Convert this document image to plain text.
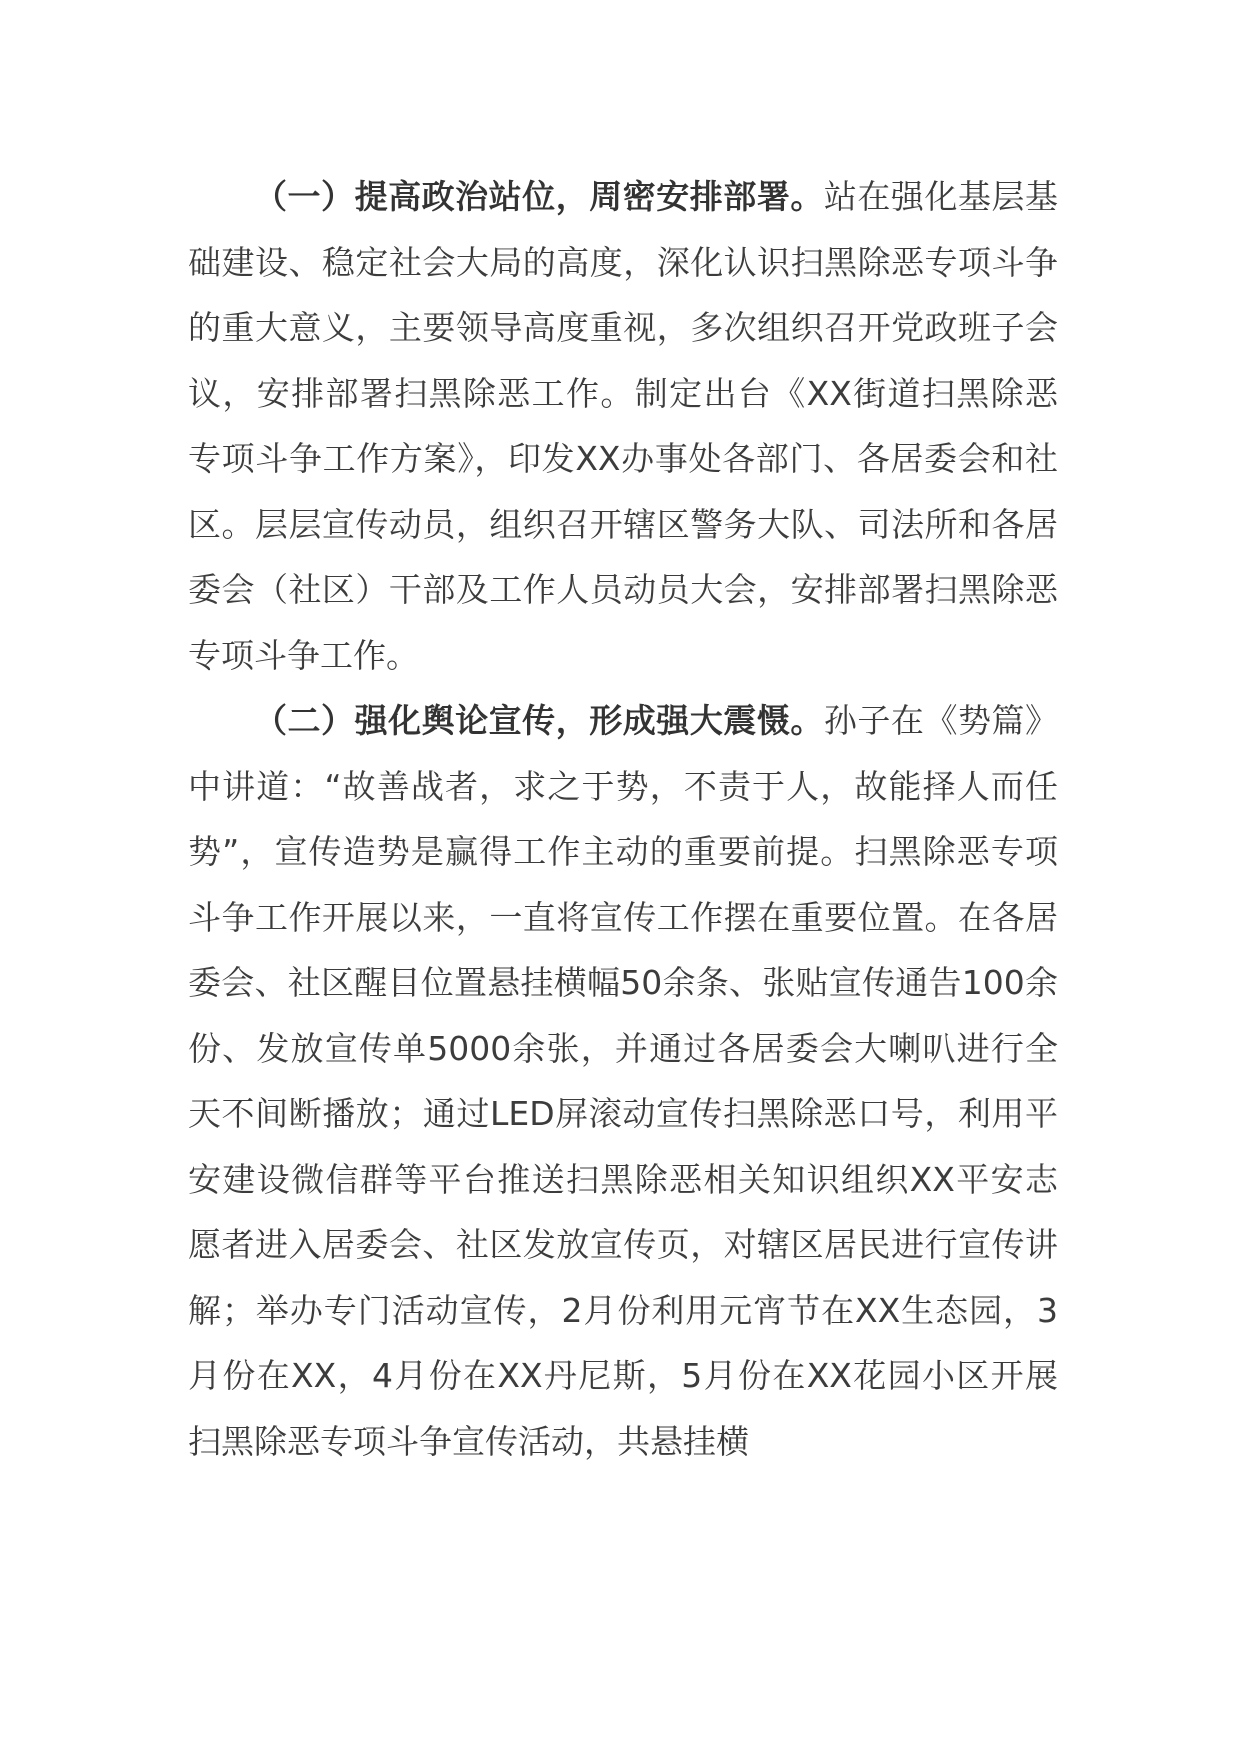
（一）提高政治站位，周密安排部署。站在强化基层基础建设、稳定社会大局的高度，深化认识扫黑除恶专项斗争的重大意义，主要领导高度重视，多次组织召开党政班子会议，安排部署扫黑除恶工作。制定出台《XX街道扫黑除恶专项斗争工作方案》，印发XX办事处各部门、各居委会和社区。层层宣传动员，组织召开辖区警务大队、司法所和各居委会（社区）干部及工作人员动员大会，安排部署扫黑除恶专项斗争工作。

（二）强化舆论宣传，形成强大震慑。孙子在《势篇》中讲道：“故善战者，求之于势，不责于人，故能择人而任势”，宣传造势是赢得工作主动的重要前提。扫黑除恶专项斗争工作开展以来，一直将宣传工作摆在重要位置。在各居委会、社区醒目位置悬挂横幅50余条、张贴宣传通告100余份、发放宣传单5000余张，并通过各居委会大喇叭进行全天不间断播放；通过LED屏滚动宣传扫黑除恶口号，利用平安建设微信群等平台推送扫黑除恶相关知识组织XX平安志愿者进入居委会、社区发放宣传页，对辖区居民进行宣传讲解；举办专门活动宣传，2月份利用元宵节在XX生态园，3月份在XX，4月份在XX丹尼斯，5月份在XX花园小区开展扫黑除恶专项斗争宣传活动，共悬挂横
